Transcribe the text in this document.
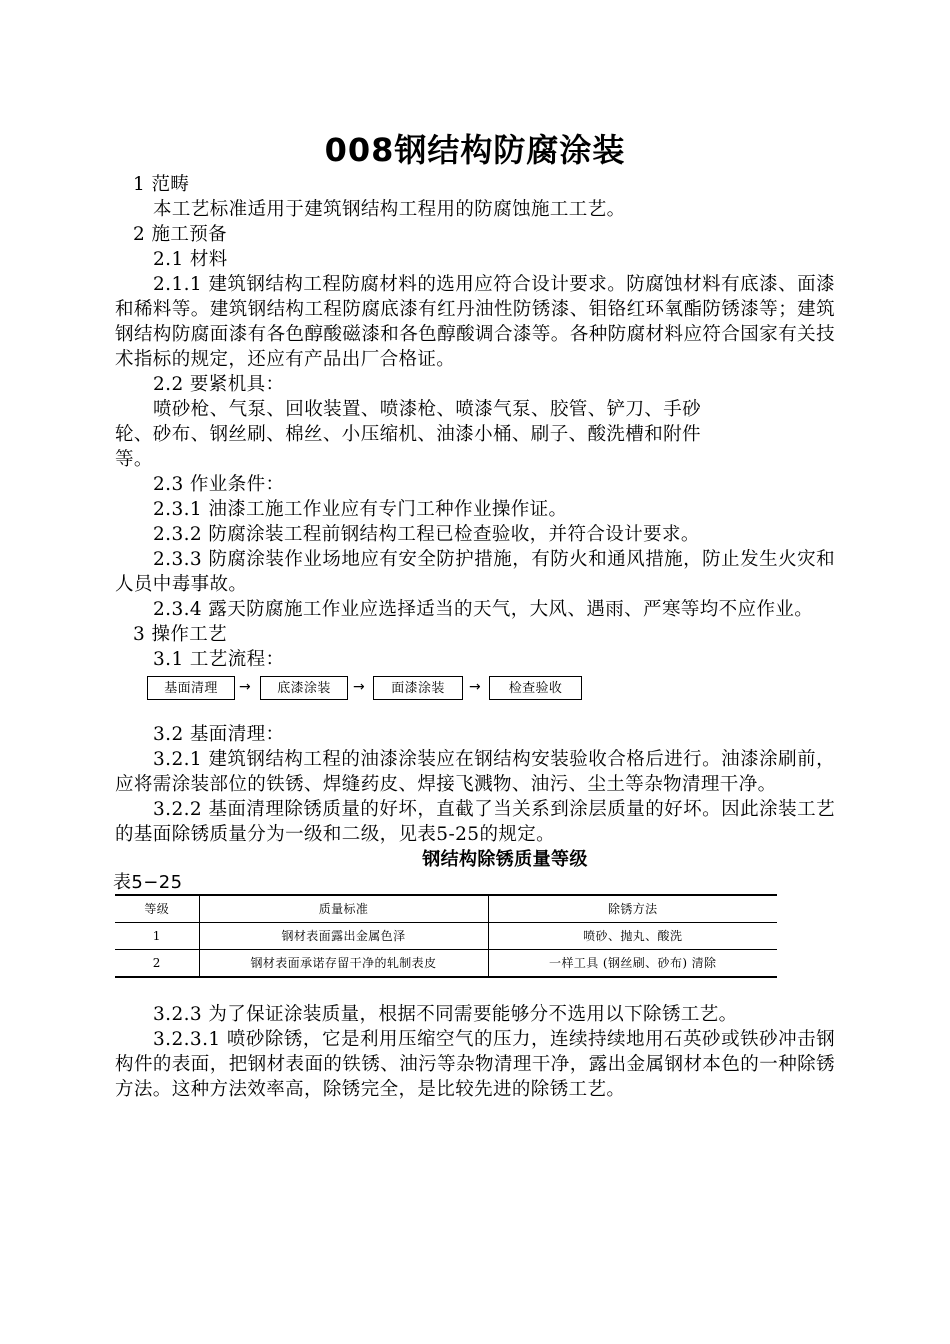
008钢结构防腐涂装

1 范畴

本工艺标准适用于建筑钢结构工程用的防腐蚀施工工艺。

2 施工预备

2.1 材料

2.1.1 建筑钢结构工程防腐材料的选用应符合设计要求。防腐蚀材料有底漆、面漆和稀料等。建筑钢结构工程防腐底漆有红丹油性防锈漆、钼铬红环氧酯防锈漆等；建筑钢结构防腐面漆有各色醇酸磁漆和各色醇酸调合漆等。各种防腐材料应符合国家有关技术指标的规定，还应有产品出厂合格证。

2.2 要紧机具：

喷砂枪、气泵、回收装置、喷漆枪、喷漆气泵、胶管、铲刀、手砂

轮、砂布、钢丝刷、棉丝、小压缩机、油漆小桶、刷子、酸洗槽和附件

等。

2.3 作业条件：

2.3.1 油漆工施工作业应有专门工种作业操作证。

2.3.2 防腐涂装工程前钢结构工程已检查验收，并符合设计要求。

2.3.3 防腐涂装作业场地应有安全防护措施，有防火和通风措施，防止发生火灾和人员中毒事故。

2.3.4 露天防腐施工作业应选择适当的天气，大风、遇雨、严寒等均不应作业。

3 操作工艺

3.1 工艺流程：

基面清理	→	底漆涂装	→	面漆涂装	→	检查验收

3.2 基面清理：

3.2.1 建筑钢结构工程的油漆涂装应在钢结构安装验收合格后进行。油漆涂刷前，应将需涂装部位的铁锈、焊缝药皮、焊接飞溅物、油污、尘土等杂物清理干净。

3.2.2 基面清理除锈质量的好坏，直截了当关系到涂层质量的好坏。因此涂装工艺的基面除锈质量分为一级和二级，见表5-25的规定。

钢结构除锈质量等级

表5−25

等级	质量标准	除锈方法
1	钢材表面露出金属色泽	喷砂、抛丸、酸洗
2	钢材表面承诺存留干净的轧制表皮	一样工具 (钢丝刷、砂布) 清除

3.2.3 为了保证涂装质量，根据不同需要能够分不选用以下除锈工艺。

3.2.3.1 喷砂除锈，它是利用压缩空气的压力，连续持续地用石英砂或铁砂冲击钢构件的表面，把钢材表面的铁锈、油污等杂物清理干净，露出金属钢材本色的一种除锈方法。这种方法效率高，除锈完全，是比较先进的除锈工艺。
